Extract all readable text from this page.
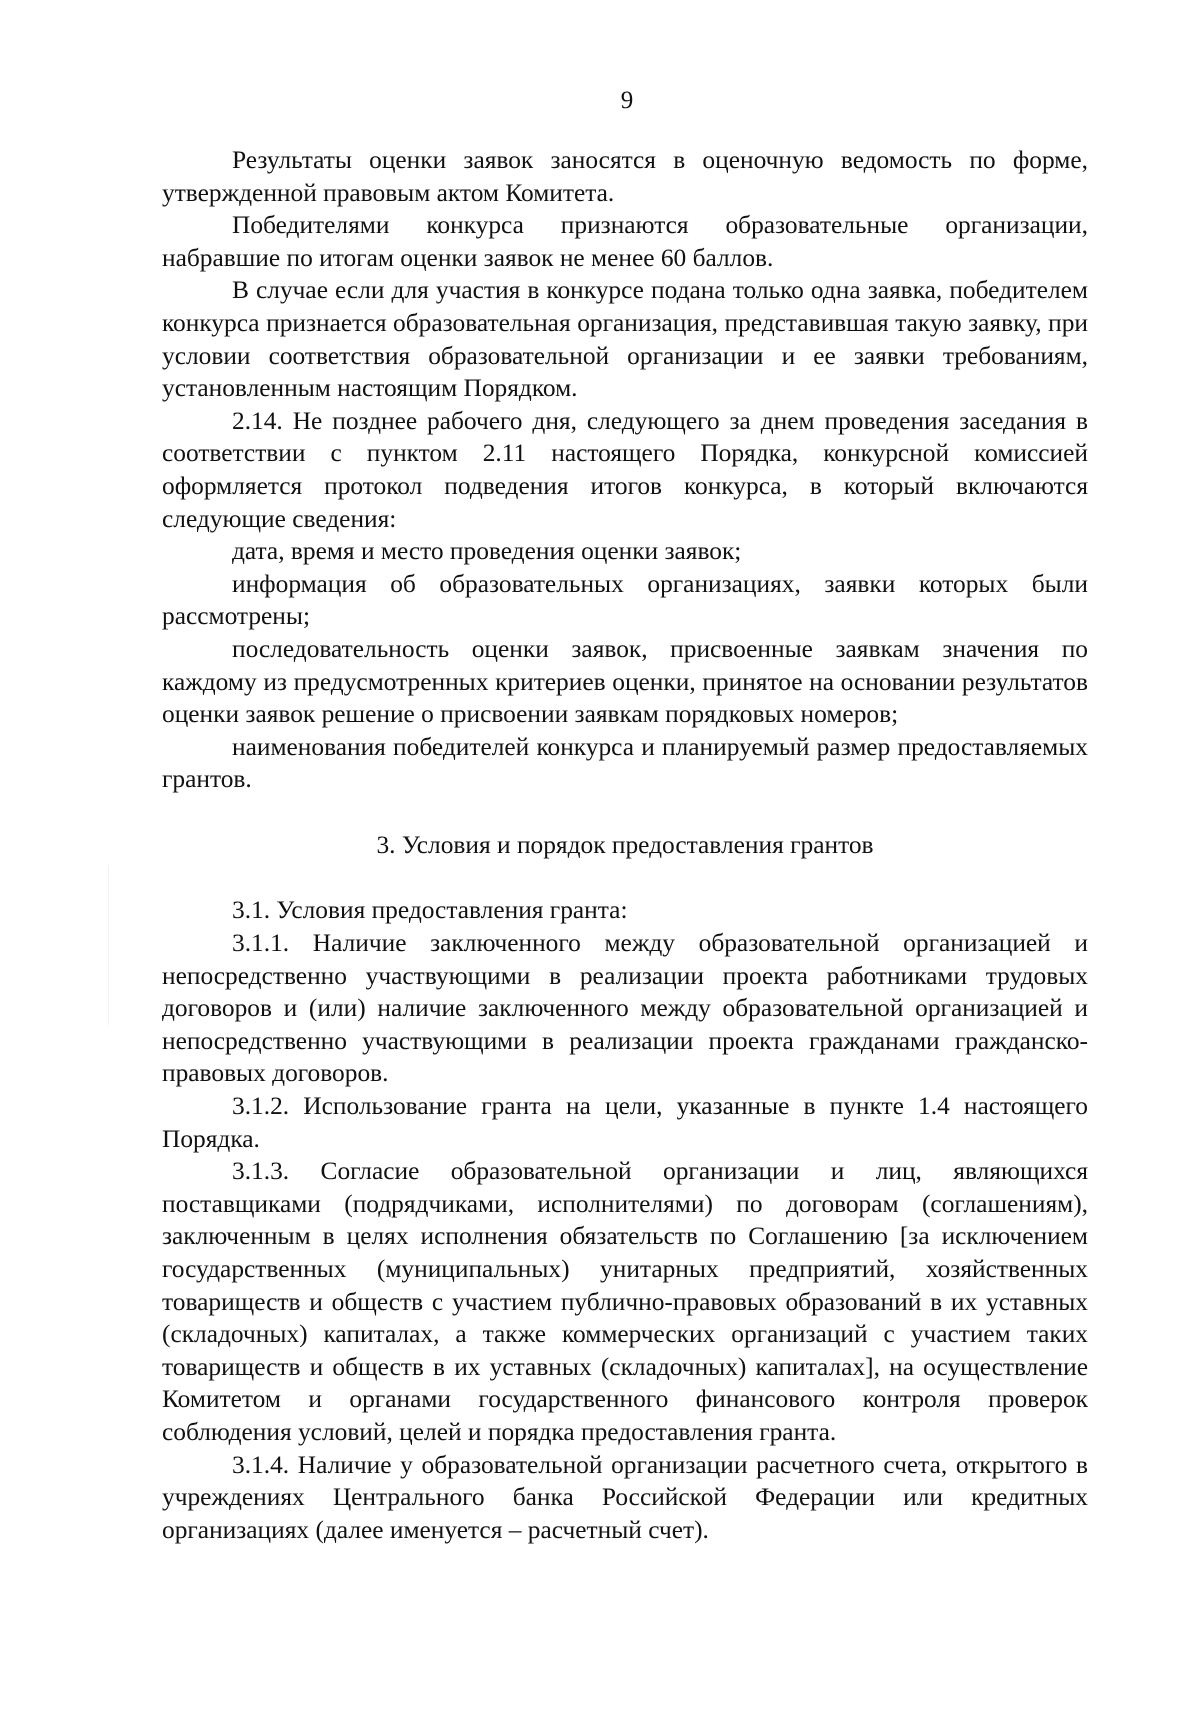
9

Результаты оценки заявок заносятся в оценочную ведомость по форме, утвержденной правовым актом Комитета.

Победителями конкурса признаются образовательные организации, набравшие по итогам оценки заявок не менее 60 баллов.

В случае если для участия в конкурсе подана только одна заявка, победителем конкурса признается образовательная организация, представившая такую заявку, при условии соответствия образовательной организации и ее заявки требованиям, установленным настоящим Порядком.

2.14. Не позднее рабочего дня, следующего за днем проведения заседания в соответствии с пунктом 2.11 настоящего Порядка, конкурсной комиссией оформляется протокол подведения итогов конкурса, в который включаются следующие сведения:

дата, время и место проведения оценки заявок;

информация об образовательных организациях, заявки которых были рассмотрены;

последовательность оценки заявок, присвоенные заявкам значения по каждому из предусмотренных критериев оценки, принятое на основании результатов оценки заявок решение о присвоении заявкам порядковых номеров;

наименования победителей конкурса и планируемый размер предоставляемых грантов.

3. Условия и порядок предоставления грантов

3.1. Условия предоставления гранта:

3.1.1. Наличие заключенного между образовательной организацией и непосредственно участвующими в реализации проекта работниками трудовых договоров и (или) наличие заключенного между образовательной организацией и непосредственно участвующими в реализации проекта гражданами гражданско-правовых договоров.

3.1.2. Использование гранта на цели, указанные в пункте 1.4 настоящего Порядка.

3.1.3. Согласие образовательной организации и лиц, являющихся поставщиками (подрядчиками, исполнителями) по договорам (соглашениям), заключенным в целях исполнения обязательств по Соглашению [за исключением государственных (муниципальных) унитарных предприятий, хозяйственных товариществ и обществ с участием публично-правовых образований в их уставных (складочных) капиталах, а также коммерческих организаций с участием таких товариществ и обществ в их уставных (складочных) капиталах], на осуществление Комитетом и органами государственного финансового контроля проверок соблюдения условий, целей и порядка предоставления гранта.

3.1.4. Наличие у образовательной организации расчетного счета, открытого в учреждениях Центрального банка Российской Федерации или кредитных организациях (далее именуется – расчетный счет).
